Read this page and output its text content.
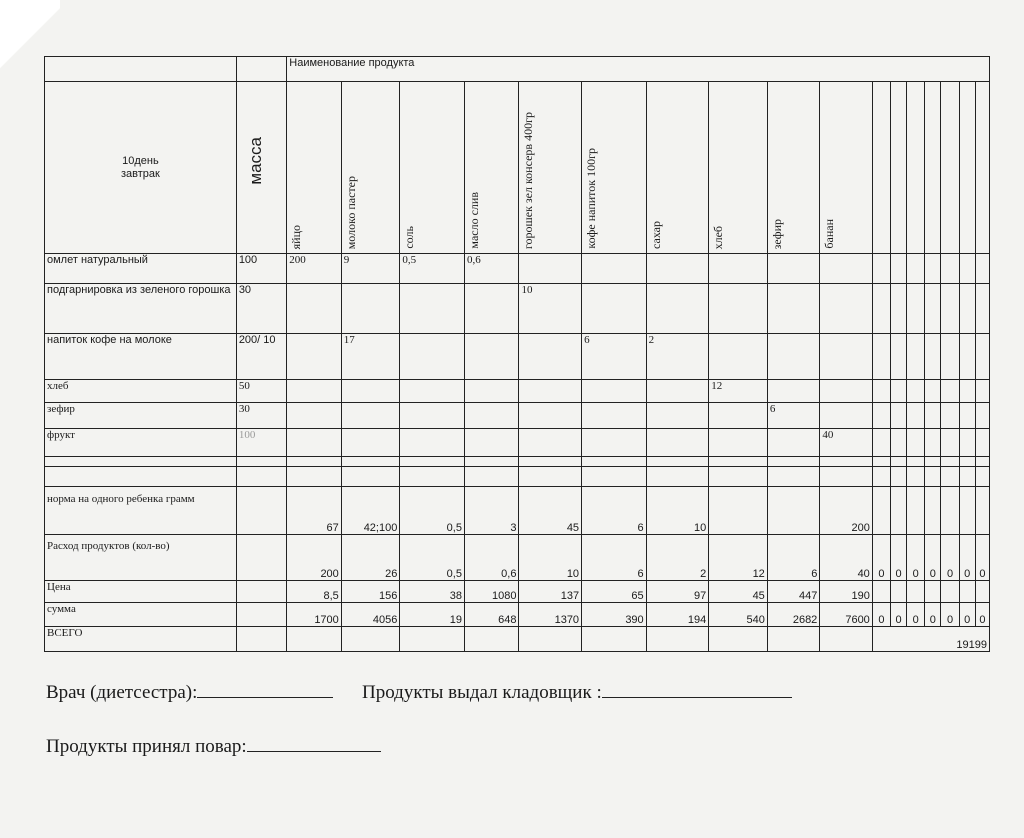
		Наименование продукта																

10день
завтрак	масса	яйцо	молоко пастер	соль	масло слив	горошек зел консерв 400гр	кофе напиток 100гр	сахар	хлеб	зефир	банан							

омлет натуральный	100	200	9	0,5	0,6													
подгарнировка из зеленого горошка	30					10												
напиток кофе на молоке	200/ 10		17				6	2										
хлеб	50								12									
зефир	30									6								
фрукт	100										40							

норма на одного ребенка грамм		67	42;100	0,5	3	45	6	10			200							
Расход продуктов (кол-во)		200	26	0,5	0,6	10	6	2	12	6	40	0	0	0	0	0	0	0
Цена		8,5	156	38	1080	137	65	97	45	447	190							
сумма		1700	4056	19	648	1370	390	194	540	2682	7600	0	0	0	0	0	0	0
ВСЕГО												19199						
Врач (диетсестра):	Продукты выдал кладовщик :
Продукты принял повар:
